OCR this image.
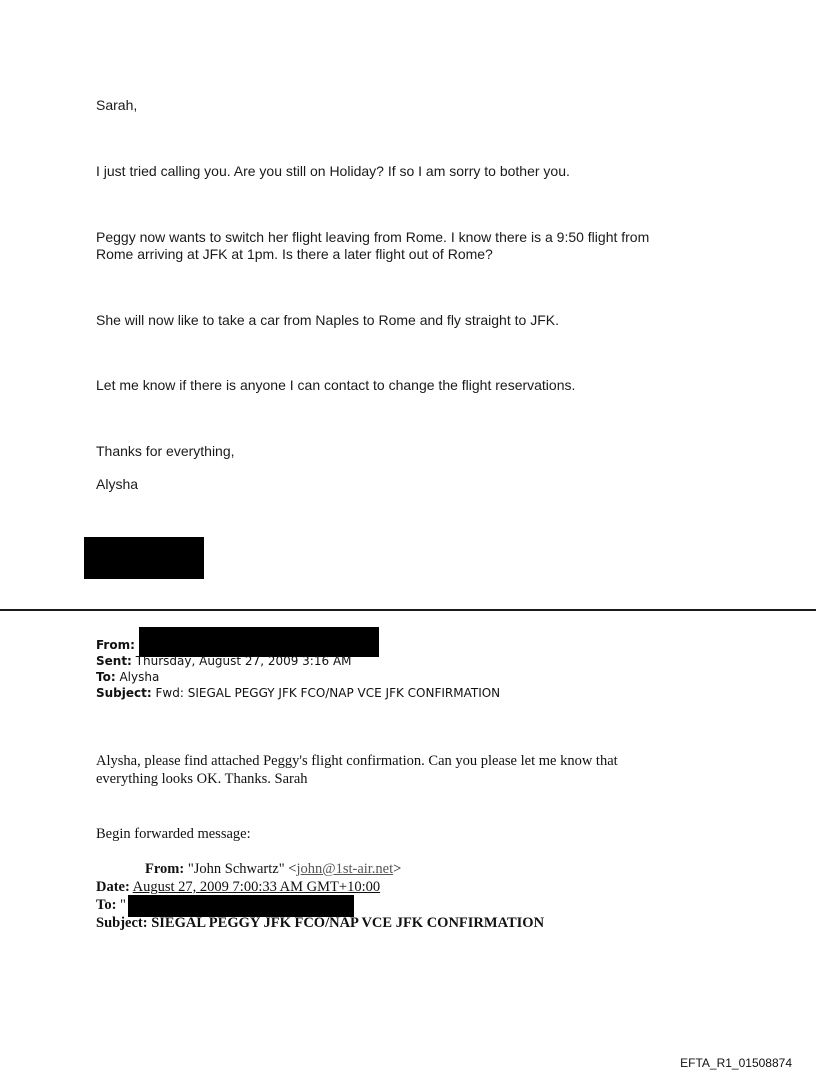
Sarah,

I just tried calling you. Are you still on Holiday? If so I am sorry to bother you.

Peggy now wants to switch her flight leaving from Rome. I know there is a 9:50 flight from

Rome arriving at JFK at 1pm. Is there a later flight out of Rome?

She will now like to take a car from Naples to Rome and fly straight to JFK.

Let me know if there is anyone I can contact to change the flight reservations.

Thanks for everything,

Alysha

From:
Sent: Thursday, August 27, 2009 3:16 AM
To: Alysha
Subject: Fwd: SIEGAL PEGGY JFK FCO/NAP VCE JFK CONFIRMATION
Alysha, please find attached Peggy's flight confirmation. Can you please let me know that
everything looks OK. Thanks. Sarah
Begin forwarded message:
From: "John Schwartz" <john@1st-air.net>
Date: August 27, 2009 7:00:33 AM GMT+10:00
To: "
Subject: SIEGAL PEGGY JFK FCO/NAP VCE JFK CONFIRMATION
EFTA_R1_01508874
